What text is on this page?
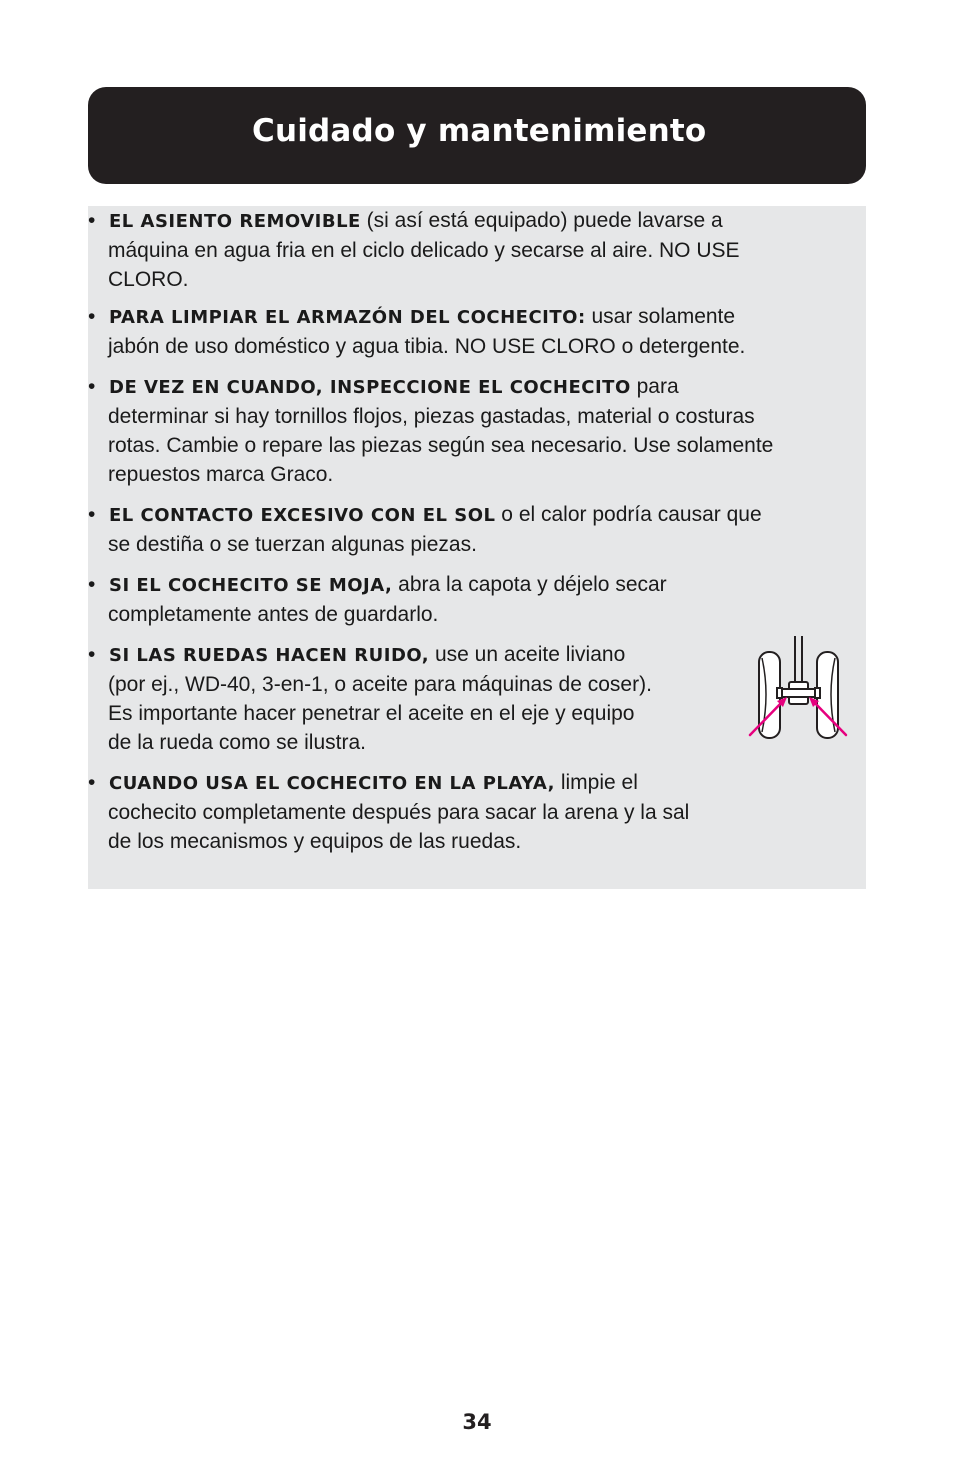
Cuidado y mantenimiento

• EL ASIENTO REMOVIBLE (si así está equipado) puede lavarse a

máquina en agua fria en el ciclo delicado y secarse al aire. NO USE

CLORO.

• PARA LIMPIAR EL ARMAZÓN DEL COCHECITO: usar solamente

jabón de uso doméstico y agua tibia. NO USE CLORO o detergente.

• DE VEZ EN CUANDO, INSPECCIONE EL COCHECITO para

determinar si hay tornillos flojos, piezas gastadas, material o costuras

rotas. Cambie o repare las piezas según sea necesario. Use solamente

repuestos marca Graco.

• EL CONTACTO EXCESIVO CON EL SOL o el calor podría causar que

se destiña o se tuerzan algunas piezas.

• SI EL COCHECITO SE MOJA, abra la capota y déjelo secar

completamente antes de guardarlo.

• SI LAS RUEDAS HACEN RUIDO, use un aceite liviano

(por ej., WD-40, 3-en-1, o aceite para máquinas de coser).

Es importante hacer penetrar el aceite en el eje y equipo

de la rueda como se ilustra.

• CUANDO USA EL COCHECITO EN LA PLAYA, limpie el

cochecito completamente después para sacar la arena y la sal

de los mecanismos y equipos de las ruedas.

34
